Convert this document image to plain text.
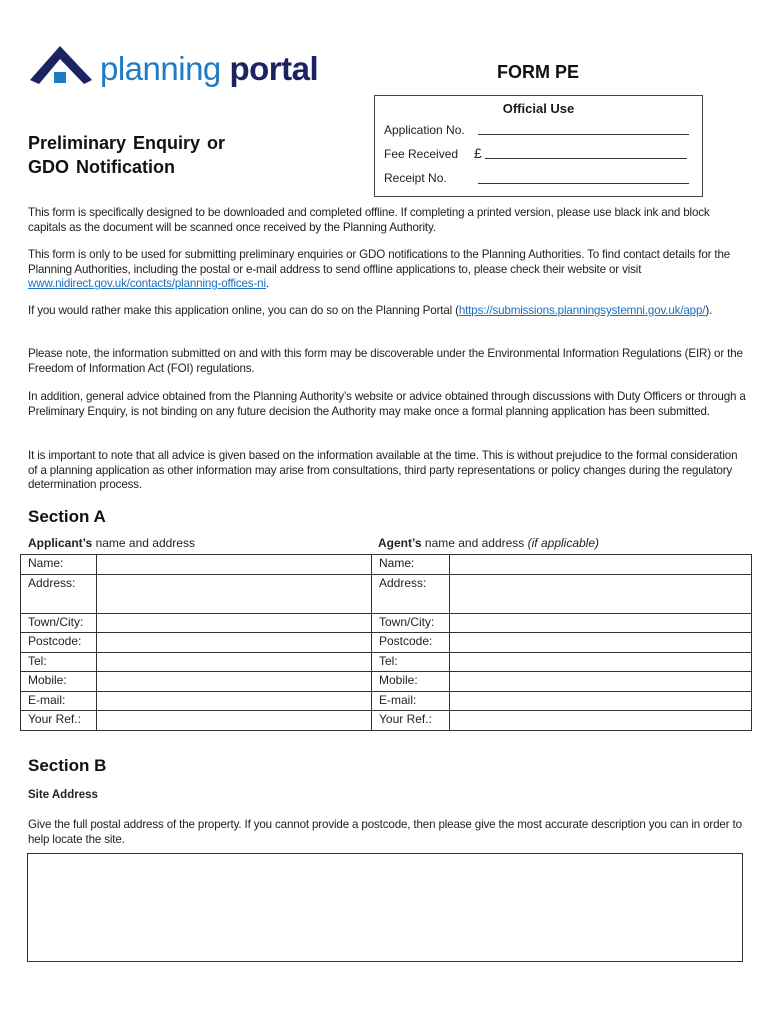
planning portal	FORM PE
Official Use
Application No.
Fee Received £
Receipt No.
Preliminary Enquiry or
GDO Notification
This form is specifically designed to be downloaded and completed offline. If completing a printed version, please use black ink and block capitals as the document will be scanned once received by the Planning Authority.
This form is only to be used for submitting preliminary enquiries or GDO notifications to the Planning Authorities. To find contact details for the Planning Authorities, including the postal or e-mail address to send offline applications to, please check their website or visit www.nidirect.gov.uk/contacts/planning-offices-ni.
If you would rather make this application online, you can do so on the Planning Portal (https://submissions.planningsystemni.gov.uk/app/).
Please note, the information submitted on and with this form may be discoverable under the Environmental Information Regulations (EIR) or the Freedom of Information Act (FOI) regulations.
In addition, general advice obtained from the Planning Authority’s website or advice obtained through discussions with Duty Officers or through a Preliminary Enquiry, is not binding on any future decision the Authority may make once a formal planning application has been submitted.
It is important to note that all advice is given based on the information available at the time. This is without prejudice to the formal consideration of a planning application as other information may arise from consultations, third party representations or policy changes during the regulatory determination process.
Section A
Applicant’s name and address	Agent’s name and address (if applicable)
Name:		Name:	
Address:		Address:	
Town/City:		Town/City:	
Postcode:		Postcode:	
Tel:		Tel:	
Mobile:		Mobile:	
E-mail:		E-mail:	
Your Ref.:		Your Ref.:	
Section B
Site Address
Give the full postal address of the property. If you cannot provide a postcode, then please give the most accurate description you can in order to help locate the site.
